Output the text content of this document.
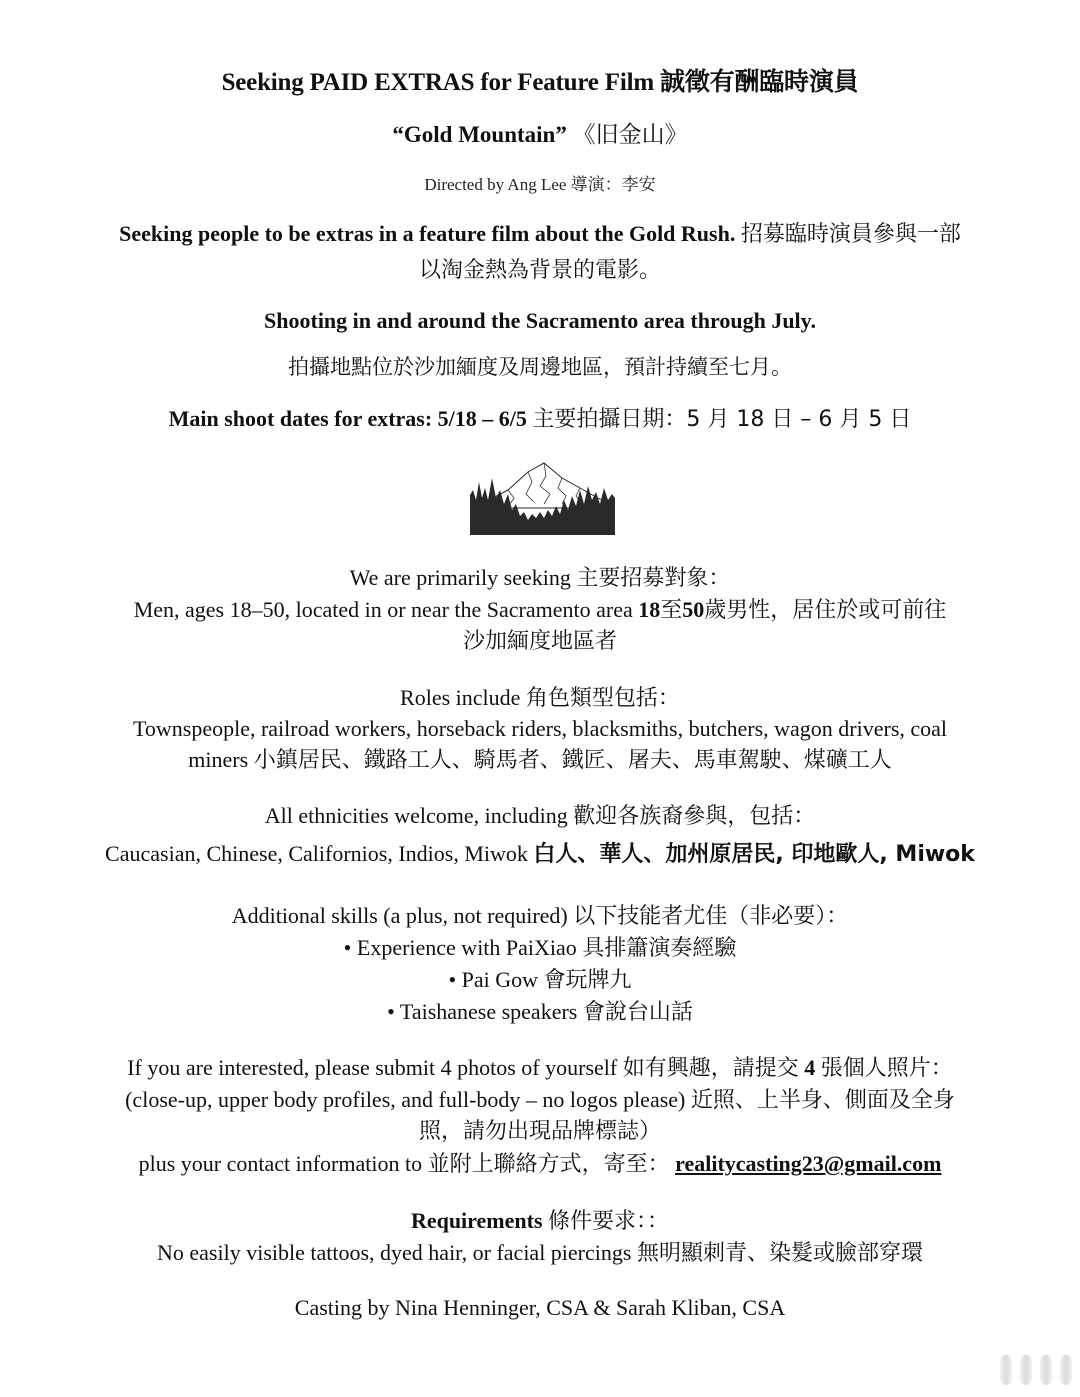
Seeking PAID EXTRAS for Feature Film 誠徵有酬臨時演員
“Gold Mountain” 《旧金山》
Directed by Ang Lee 導演：李安
Seeking people to be extras in a feature film about the Gold Rush. 招募臨時演員參與一部
以淘金熱為背景的電影。
Shooting in and around the Sacramento area through July.
拍攝地點位於沙加緬度及周邊地區，預計持續至七月。
Main shoot dates for extras: 5/18 – 6/5 主要拍攝日期：5 月 18 日 – 6 月 5 日
We are primarily seeking 主要招募對象：
Men, ages 18–50, located in or near the Sacramento area 18至50歲男性，居住於或可前往
沙加緬度地區者
Roles include 角色類型包括：
Townspeople, railroad workers, horseback riders, blacksmiths, butchers, wagon drivers, coal
miners 小鎮居民、鐵路工人、騎馬者、鐵匠、屠夫、馬車駕駛、煤礦工人
All ethnicities welcome, including 歡迎各族裔參與，包括：
Caucasian, Chinese, Californios, Indios, Miwok 白人、華人、加州原居民, 印地歐人, Miwok
Additional skills (a plus, not required) 以下技能者尤佳（非必要）：
• Experience with PaiXiao 具排簫演奏經驗
• Pai Gow 會玩牌九
• Taishanese speakers 會說台山話
If you are interested, please submit 4 photos of yourself 如有興趣，請提交 4 張個人照片：
(close-up, upper body profiles, and full-body – no logos please) 近照、上半身、側面及全身
照，請勿出現品牌標誌）
plus your contact information to 並附上聯絡方式，寄至： realitycasting23@gmail.com
Requirements 條件要求：：
No easily visible tattoos, dyed hair, or facial piercings 無明顯刺青、染髮或臉部穿環
Casting by Nina Henninger, CSA & Sarah Kliban, CSA
